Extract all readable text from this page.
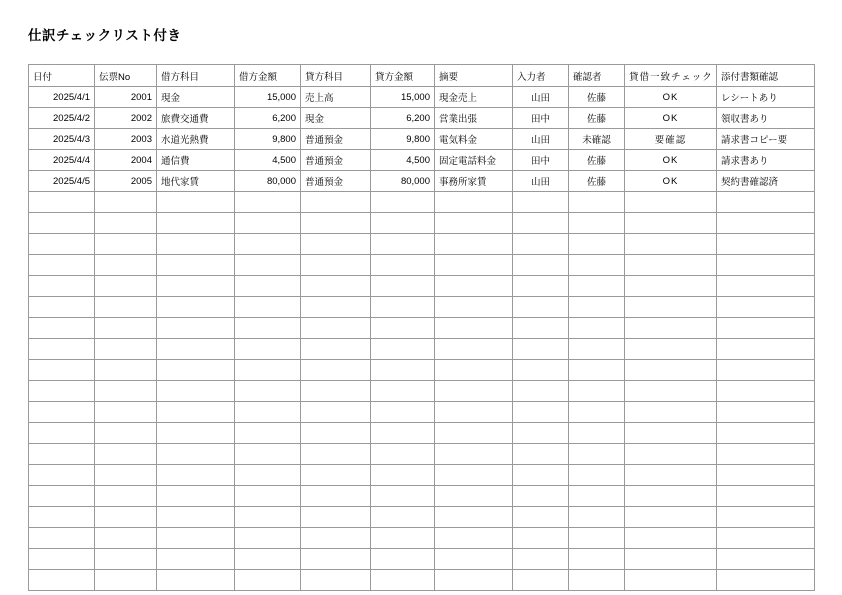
仕訳チェックリスト付き
日付	伝票No	借方科目	借方金額	貸方科目	貸方金額	摘要	入力者	確認者	貸借一致チェック	添付書類確認
2025/4/1	2001	現金	15,000	売上高	15,000	現金売上	山田	佐藤	OK	レシートあり
2025/4/2	2002	旅費交通費	6,200	現金	6,200	営業出張	田中	佐藤	OK	領収書あり
2025/4/3	2003	水道光熱費	9,800	普通預金	9,800	電気料金	山田	未確認	要確認	請求書コピー要
2025/4/4	2004	通信費	4,500	普通預金	4,500	固定電話料金	田中	佐藤	OK	請求書あり
2025/4/5	2005	地代家賃	80,000	普通預金	80,000	事務所家賃	山田	佐藤	OK	契約書確認済
